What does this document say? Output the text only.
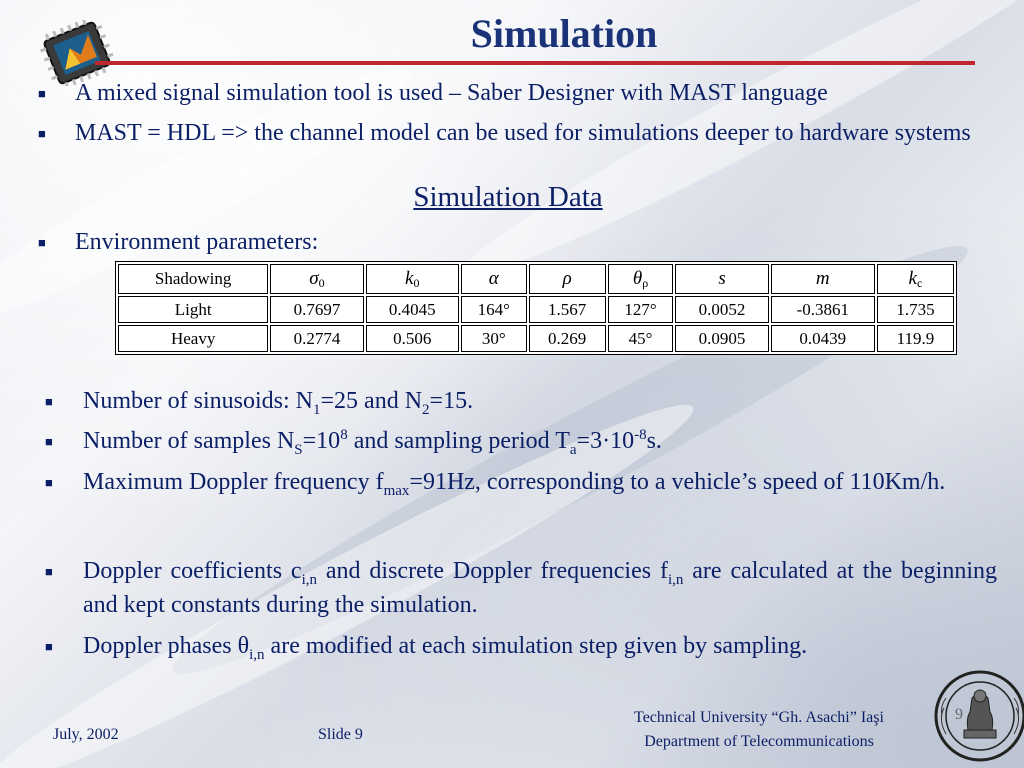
Simulation
■	A mixed signal simulation tool is used – Saber Designer with MAST language
■	MAST = HDL => the channel model can be used for simulations deeper to hardware systems
Simulation Data
■	Environment parameters:
Shadowing	σ0	k0	α	ρ	θρ	s	m	kc
Light	0.7697	0.4045	164°	1.567	127°	0.0052	-0.3861	1.735
Heavy	0.2774	0.506	30°	0.269	45°	0.0905	0.0439	119.9
■	Number of sinusoids: $N_1=25$ and $N_2=15$.
■	Number of samples $N_S=10^8$ and sampling period $T_a=3\cdot 10^{-8}s$.
■	Maximum Doppler frequency $f_{max}=91Hz$, corresponding to a vehicle’s speed of 110Km/h.
■	Doppler coefficients $c_{i,n}$ and discrete Doppler frequencies $f_{i,n}$ are calculated at the beginning and kept constants during the simulation.
■	Doppler phases $\theta_{i,n}$ are modified at each simulation step given by sampling.
July, 2002	Slide 9
Technical University “Gh. Asachi” Iaşi
Department of Telecommunications
9
